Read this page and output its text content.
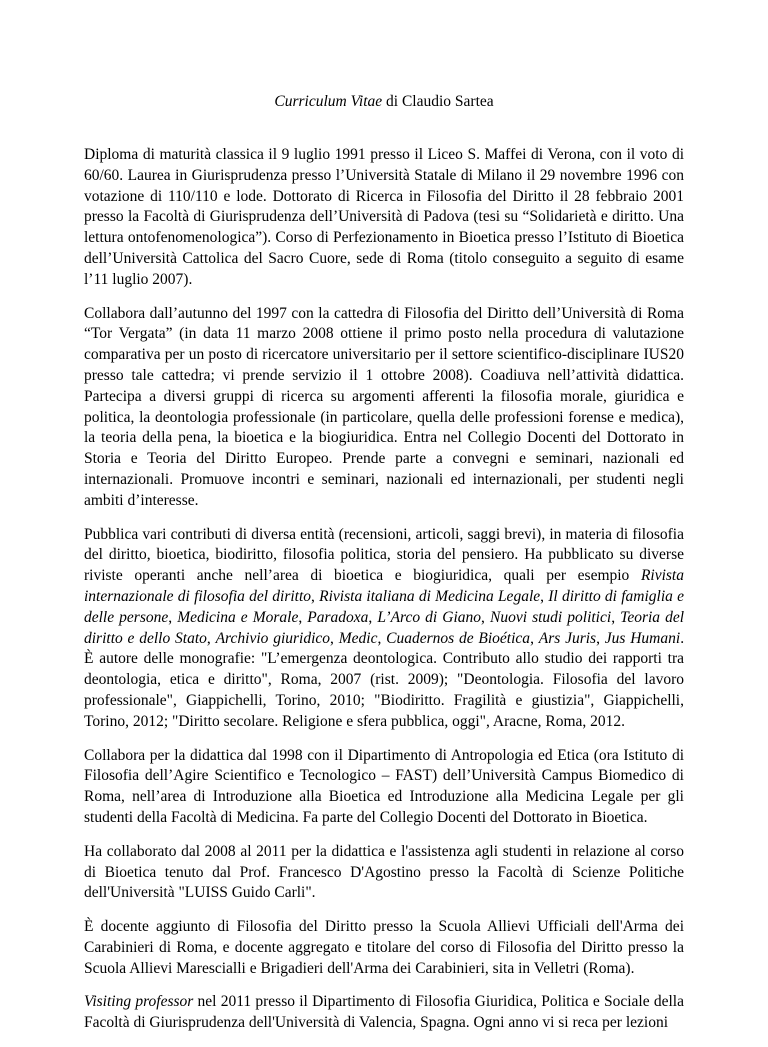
Curriculum Vitae di Claudio Sartea

Diploma di maturità classica il 9 luglio 1991 presso il Liceo S. Maffei di Verona, con il voto di 60/60. Laurea in Giurisprudenza presso l’Università Statale di Milano il 29 novembre 1996 con votazione di 110/110 e lode. Dottorato di Ricerca in Filosofia del Diritto il 28 febbraio 2001 presso la Facoltà di Giurisprudenza dell’Università di Padova (tesi su “Solidarietà e diritto. Una lettura ontofenomenologica”). Corso di Perfezionamento in Bioetica presso l’Istituto di Bioetica dell’Università Cattolica del Sacro Cuore, sede di Roma (titolo conseguito a seguito di esame l’11 luglio 2007).

Collabora dall’autunno del 1997 con la cattedra di Filosofia del Diritto dell’Università di Roma “Tor Vergata” (in data 11 marzo 2008 ottiene il primo posto nella procedura di valutazione comparativa per un posto di ricercatore universitario per il settore scientifico-disciplinare IUS20 presso tale cattedra; vi prende servizio il 1 ottobre 2008). Coadiuva nell’attività didattica. Partecipa a diversi gruppi di ricerca su argomenti afferenti la filosofia morale, giuridica e politica, la deontologia professionale (in particolare, quella delle professioni forense e medica), la teoria della pena, la bioetica e la biogiuridica. Entra nel Collegio Docenti del Dottorato in Storia e Teoria del Diritto Europeo. Prende parte a convegni e seminari, nazionali ed internazionali. Promuove incontri e seminari, nazionali ed internazionali, per studenti negli ambiti d’interesse.

Pubblica vari contributi di diversa entità (recensioni, articoli, saggi brevi), in materia di filosofia del diritto, bioetica, biodiritto, filosofia politica, storia del pensiero. Ha pubblicato su diverse riviste operanti anche nell’area di bioetica e biogiuridica, quali per esempio Rivista internazionale di filosofia del diritto, Rivista italiana di Medicina Legale, Il diritto di famiglia e delle persone, Medicina e Morale, Paradoxa, L’Arco di Giano, Nuovi studi politici, Teoria del diritto e dello Stato, Archivio giuridico, Medic, Cuadernos de Bioética, Ars Juris, Jus Humani. È autore delle monografie: "L’emergenza deontologica. Contributo allo studio dei rapporti tra deontologia, etica e diritto", Roma, 2007 (rist. 2009); "Deontologia. Filosofia del lavoro professionale", Giappichelli, Torino, 2010; "Biodiritto. Fragilità e giustizia", Giappichelli, Torino, 2012; "Diritto secolare. Religione e sfera pubblica, oggi", Aracne, Roma, 2012.

Collabora per la didattica dal 1998 con il Dipartimento di Antropologia ed Etica (ora Istituto di Filosofia dell’Agire Scientifico e Tecnologico – FAST) dell’Università Campus Biomedico di Roma, nell’area di Introduzione alla Bioetica ed Introduzione alla Medicina Legale per gli studenti della Facoltà di Medicina. Fa parte del Collegio Docenti del Dottorato in Bioetica.

Ha collaborato dal 2008 al 2011 per la didattica e l'assistenza agli studenti in relazione al corso di Bioetica tenuto dal Prof. Francesco D'Agostino presso la Facoltà di Scienze Politiche dell'Università "LUISS Guido Carli".

È docente aggiunto di Filosofia del Diritto presso la Scuola Allievi Ufficiali dell'Arma dei Carabinieri di Roma, e docente aggregato e titolare del corso di Filosofia del Diritto presso la Scuola Allievi Marescialli e Brigadieri dell'Arma dei Carabinieri, sita in Velletri (Roma).

Visiting professor nel 2011 presso il Dipartimento di Filosofia Giuridica, Politica e Sociale della Facoltà di Giurisprudenza dell'Università di Valencia, Spagna. Ogni anno vi si reca per lezioni
